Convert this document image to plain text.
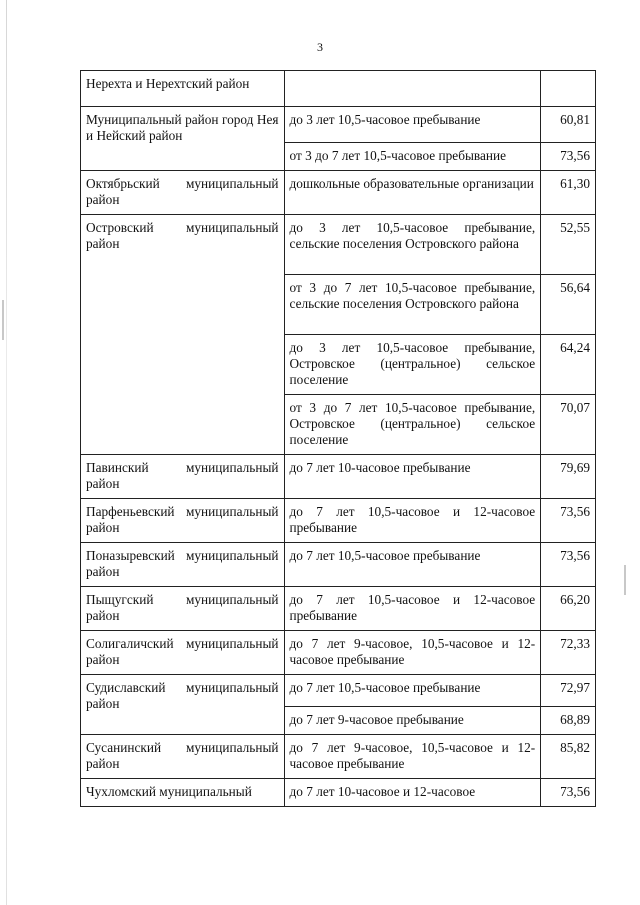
3
Нерехта и Нерехтский район		
Муниципальный район город Нея и Нейский район	до 3 лет 10,5-часовое пребывание	60,81
	от 3 до 7 лет 10,5-часовое пребывание	73,56
Октябрьский муниципальный район	дошкольные образовательные организации	61,30
Островский муниципальный район	до 3 лет 10,5-часовое пребывание, сельские поселения Островского района	52,55
	от 3 до 7 лет 10,5-часовое пребывание, сельские поселения Островского района	56,64
	до 3 лет 10,5-часовое пребывание, Островское (центральное) сельское поселение	64,24
	от 3 до 7 лет 10,5-часовое пребывание, Островское (центральное) сельское поселение	70,07
Павинский муниципальный район	до 7 лет 10-часовое пребывание	79,69
Парфеньевский муниципальный район	до 7 лет 10,5-часовое и 12-часовое пребывание	73,56
Поназыревский муниципальный район	до 7 лет 10,5-часовое пребывание	73,56
Пыщугский муниципальный район	до 7 лет 10,5-часовое и 12-часовое пребывание	66,20
Солигаличский муниципальный район	до 7 лет 9-часовое, 10,5-часовое и 12-часовое пребывание	72,33
Судиславский муниципальный район	до 7 лет 10,5-часовое пребывание	72,97
	до 7 лет 9-часовое пребывание	68,89
Сусанинский муниципальный район	до 7 лет 9-часовое, 10,5-часовое и 12-часовое пребывание	85,82
Чухломский муниципальный	до 7 лет 10-часовое и 12-часовое	73,56
